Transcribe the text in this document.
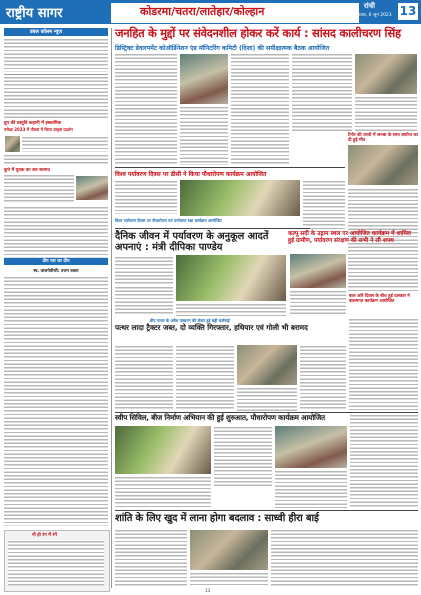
राष्ट्रीय सागर	कोडरमा/चतरा/लातेहार/कोल्हान	रांची
मंगलवार, 6 जून 2023 13
डबल कॉलम न्यूज
ग्रुप की प्रस्तुति कहानी में इस्लामिक
परीक्षा 2023 में तीसरा में किया उत्कृष्ट प्रदर्शन
कुएं में युवक का शव बरामद
दीप रवा का दीप
स्व. वाजपेयीजी: उत्तम वक्ता
नौ हो रंग में रंगें
जनहित के मुद्दों पर संवेदनशील होकर करें कार्य : सांसद कालीचरण सिंह
डिस्ट्रिक्ट डेवलपमेंट कोऑर्डिनेशन एंड मॉनिटरिंग कमिटी (दिशा) की समीक्षात्मक बैठक आयोजित
विश्व पर्यावरण दिवस पर डीसी ने किया पौधारोपण कार्यक्रम आयोजित
विश्व पर्यावरण दिवस पर पौधारोपण एवं पर्यावरण रक्षा कार्यक्रम आयोजित
टैगोर की धरती में जज्बा के साथ बायोज का दी हुई मीत
दैनिक जीवन में पर्यावरण के अनुकूल आदतें अपनाएं : मंत्री दीपिका पाण्डेय
कल्पू सदी के उद्गाम स्थल पर आयोजित कार्यक्रम में शामिल हुई ग्रामीण, पर्यावरण संरक्षण की सभी ने ली शपथ
बाल अरि दिवस के बीच हुई दलकार ने बालमगत कार्यक्रम आयोजित
डीप पत्थर के अवैध उत्खनन की लेकर हुई बड़ी कार्रवाई
पत्थर लादा ट्रैक्टर जब्त, दो व्यक्ति गिरफ्तार, हथियार एवं गोली भी बरामद
स्वीप सिविल, बीज निर्माण अभियान की हुई शुरुआत, पौधारोपण कार्यक्रम आयोजित
शांति के लिए खुद में लाना होगा बदलाव : साध्वी हीरा बाई
13
